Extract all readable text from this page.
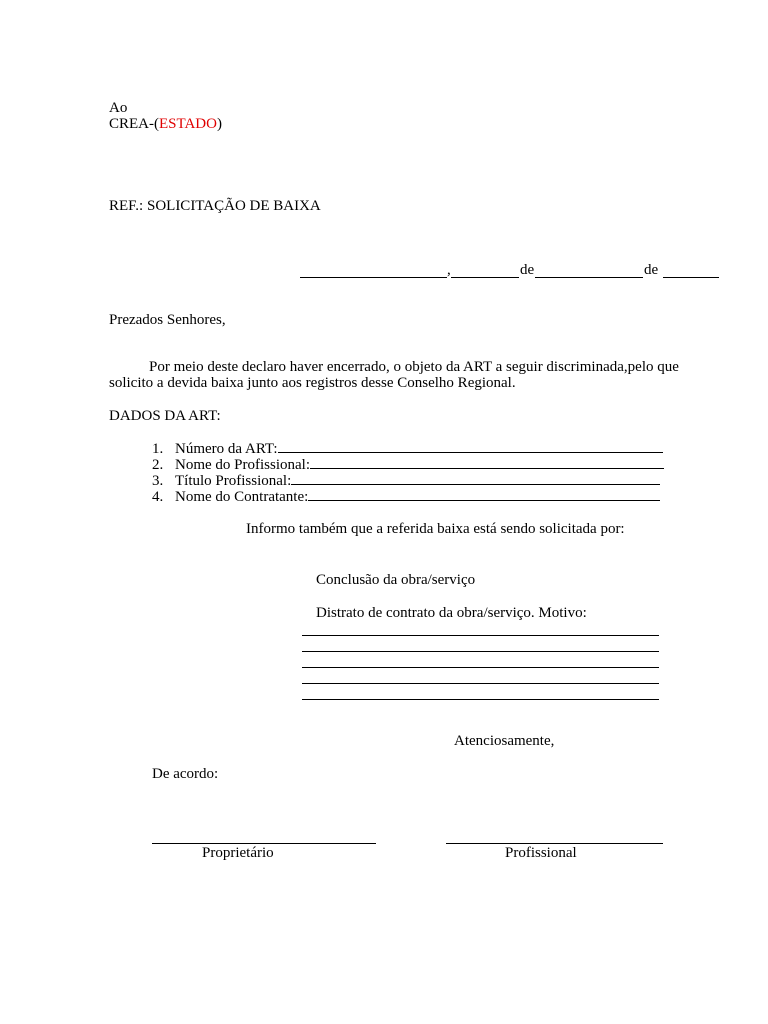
Ao
CREA-(ESTADO)
REF.: SOLICITAÇÃO DE BAIXA
,	de	de
Prezados Senhores,
Por meio deste declaro haver encerrado, o objeto da ART a seguir discriminada,pelo que
solicito a devida baixa junto aos registros desse Conselho Regional.
DADOS DA ART:
1. Número da ART:
2. Nome do Profissional:
3. Título Profissional:
4. Nome do Contratante:
Informo também que a referida baixa está sendo solicitada por:
Conclusão da obra/serviço
Distrato de contrato da obra/serviço. Motivo:
Atenciosamente,
De acordo:
Proprietário	Profissional
